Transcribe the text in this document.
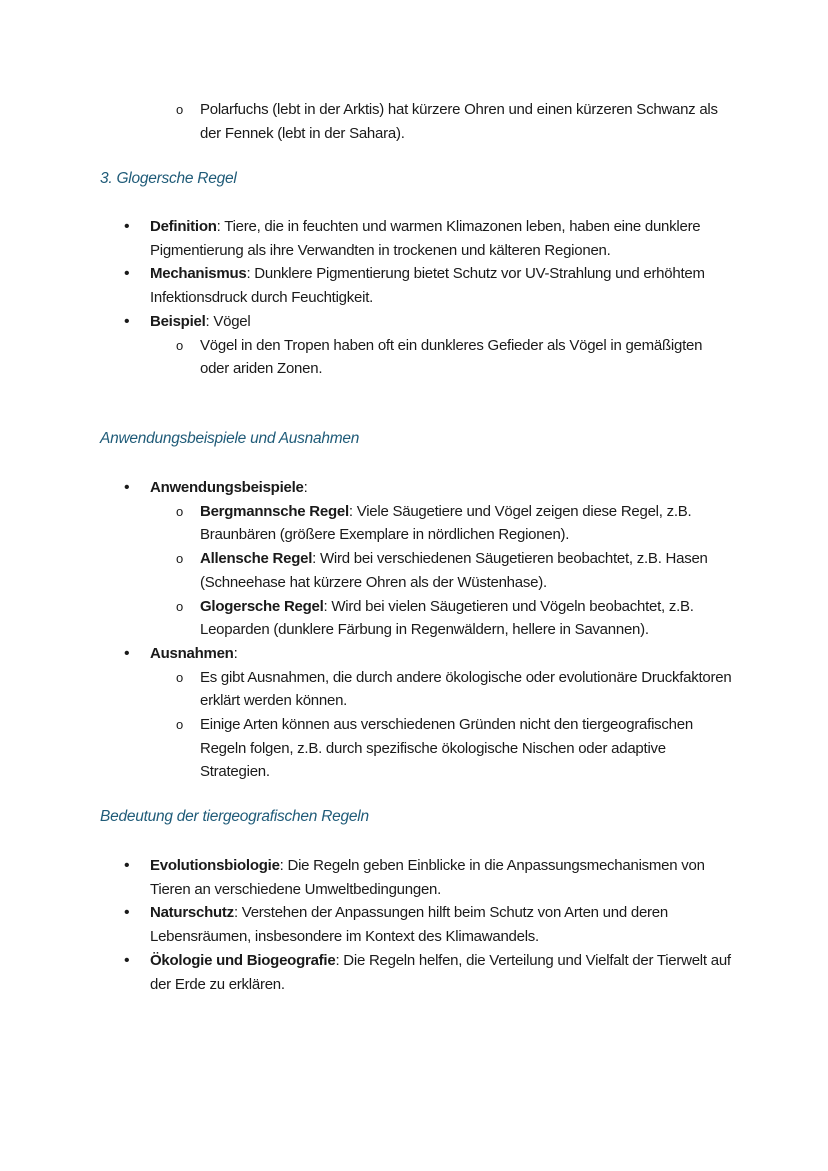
o Polarfuchs (lebt in der Arktis) hat kürzere Ohren und einen kürzeren Schwanz als der Fennek (lebt in der Sahara).
3. Glogersche Regel
• Definition: Tiere, die in feuchten und warmen Klimazonen leben, haben eine dunklere Pigmentierung als ihre Verwandten in trockenen und kälteren Regionen.
• Mechanismus: Dunklere Pigmentierung bietet Schutz vor UV-Strahlung und erhöhtem Infektionsdruck durch Feuchtigkeit.
• Beispiel: Vögel
o Vögel in den Tropen haben oft ein dunkleres Gefieder als Vögel in gemäßigten oder ariden Zonen.
Anwendungsbeispiele und Ausnahmen
• Anwendungsbeispiele:
o Bergmannsche Regel: Viele Säugetiere und Vögel zeigen diese Regel, z.B. Braunbären (größere Exemplare in nördlichen Regionen).
o Allensche Regel: Wird bei verschiedenen Säugetieren beobachtet, z.B. Hasen (Schneehase hat kürzere Ohren als der Wüstenhase).
o Glogersche Regel: Wird bei vielen Säugetieren und Vögeln beobachtet, z.B. Leoparden (dunklere Färbung in Regenwäldern, hellere in Savannen).
• Ausnahmen:
o Es gibt Ausnahmen, die durch andere ökologische oder evolutionäre Druckfaktoren erklärt werden können.
o Einige Arten können aus verschiedenen Gründen nicht den tiergeografischen Regeln folgen, z.B. durch spezifische ökologische Nischen oder adaptive Strategien.
Bedeutung der tiergeografischen Regeln
• Evolutionsbiologie: Die Regeln geben Einblicke in die Anpassungsmechanismen von Tieren an verschiedene Umweltbedingungen.
• Naturschutz: Verstehen der Anpassungen hilft beim Schutz von Arten und deren Lebensräumen, insbesondere im Kontext des Klimawandels.
• Ökologie und Biogeografie: Die Regeln helfen, die Verteilung und Vielfalt der Tierwelt auf der Erde zu erklären.
